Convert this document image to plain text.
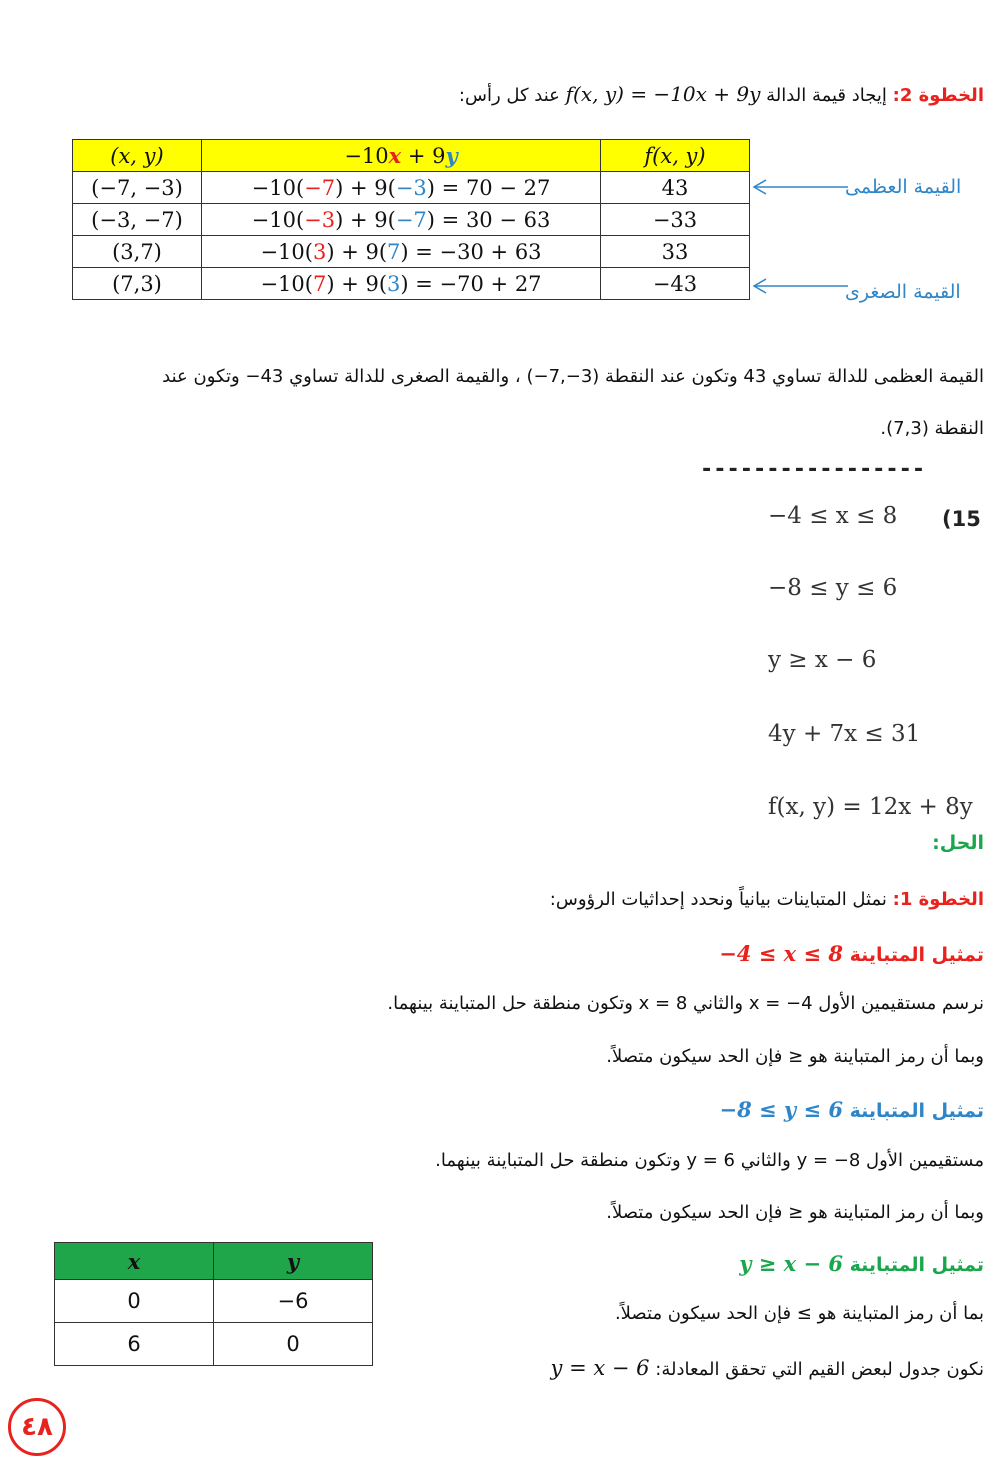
الخطوة 2: إيجاد قيمة الدالة f(x, y) = −10x + 9y عند كل رأس:
(x, y)	−10x + 9y	f(x, y)
(−7, −3)	−10(−7) + 9(−3) = 70 − 27	43
(−3, −7)	−10(−3) + 9(−7) = 30 − 63	−33
(3,7)	−10(3) + 9(7) = −30 + 63	33
(7,3)	−10(7) + 9(3) = −70 + 27	−43
القيمة العظمى
القيمة الصغرى
القيمة العظمى للدالة تساوي 43 وتكون عند النقطة (3−,7−) ، والقيمة الصغرى للدالة تساوي 43− وتكون عند
النقطة (7,3).
-----------------
(15
−4 ≤ x ≤ 8
−8 ≤ y ≤ 6
y ≥ x − 6
4y + 7x ≤ 31
f(x, y) = 12x + 8y
الحل:
الخطوة 1: نمثل المتباينات بيانياً ونحدد إحداثيات الرؤوس:
تمثيل المتباينة −4 ≤ x ≤ 8
نرسم مستقيمين الأول x = −4 والثاني x = 8 وتكون منطقة حل المتباينة بينهما.
وبما أن رمز المتباينة هو ≤ فإن الحد سيكون متصلاً.
تمثيل المتباينة −8 ≤ y ≤ 6
مستقيمين الأول y = −8 والثاني y = 6 وتكون منطقة حل المتباينة بينهما.
وبما أن رمز المتباينة هو ≤ فإن الحد سيكون متصلاً.
تمثيل المتباينة y ≥ x − 6
بما أن رمز المتباينة هو ≥ فإن الحد سيكون متصلاً.
نكون جدول لبعض القيم التي تحقق المعادلة: y = x − 6
x	y
0	−6
6	0
٤٨
